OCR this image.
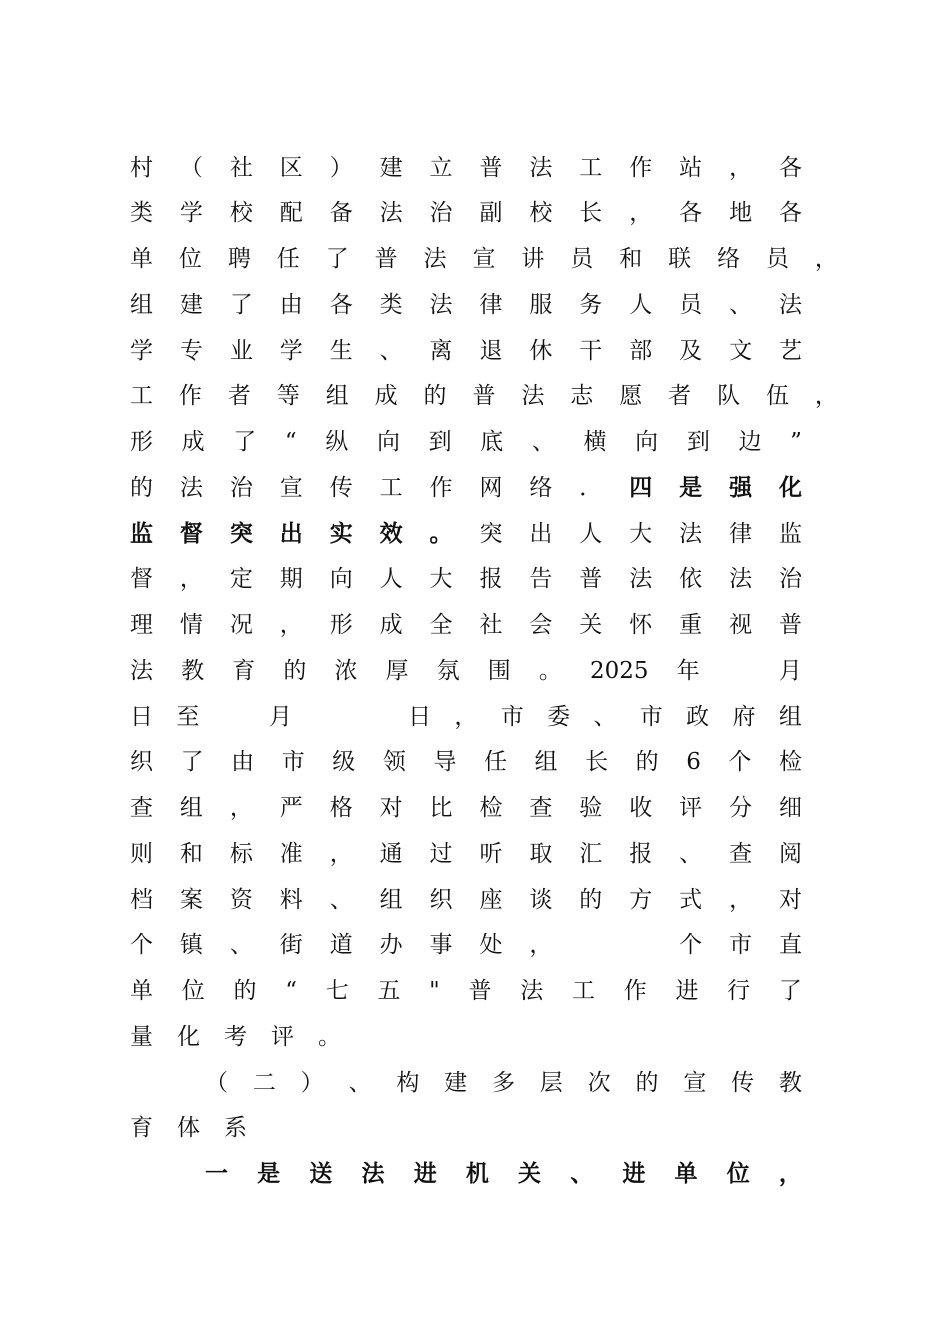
村 （ 社 区 ） 建 立 普 法 工 作 站 ， 各
类 学 校 配 备 法 治 副 校 长 ， 各 地 各
单 位 聘 任 了 普 法 宣 讲 员 和 联 络 员 ，
组 建 了 由 各 类 法 律 服 务 人 员 、 法
学 专 业 学 生 、 离 退 休 干 部 及 文 艺
工 作 者 等 组 成 的 普 法 志 愿 者 队 伍 ，
形 成 了 “ 纵 向 到 底 、 横 向 到 边 ”
的 法 治 宣 传 工 作 网 络 ． 四 是 强 化
监 督 突 出 实 效 。 突 出 人 大 法 律 监
督 ， 定 期 向 人 大 报 告 普 法 依 法 治
理 情 况 ， 形 成 全 社 会 关 怀 重 视 普
法 教 育 的 浓 厚 氛 围 。 2025 年
　	月
日 至
　	月

　	日 ， 市 委 、 市 政 府 组
织 了 由 市 级 领 导 任 组 长 的 6 个 检
查 组 ， 严 格 对 比 检 查 验 收 评 分 细
则 和 标 准 ， 通 过 听 取 汇 报 、 查 阅
档 案 资 料 、 组 织 座 谈 的 方 式 ， 对
个 镇 、 街 道 办 事 处 ，

　	个 市 直
单 位 的 “ 七 五 " 普 法 工 作 进 行 了
量 化 考 评 。
（ 二 ） 、 构 建 多 层 次 的 宣 传 教
育 体 系
一 是 送 法 进 机 关 、 进 单 位 ，
